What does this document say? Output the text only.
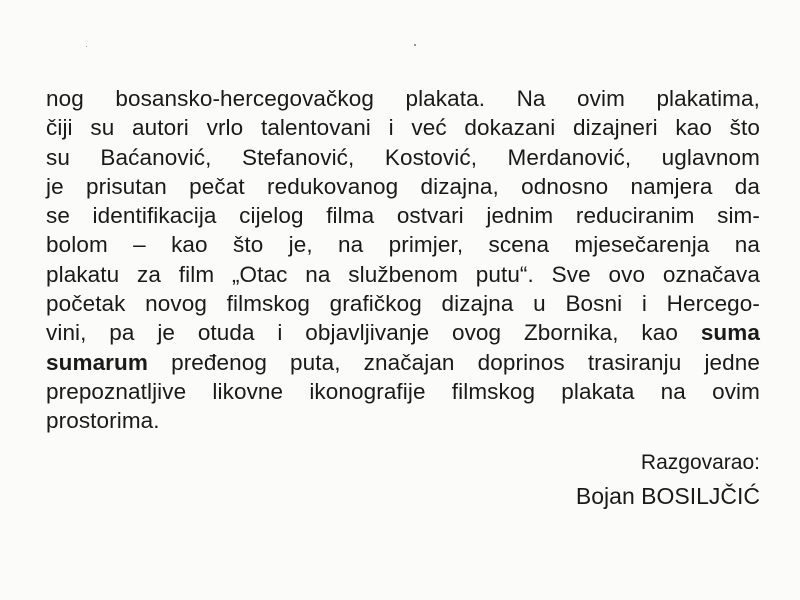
nog bosansko-hercegovačkog plakata. Na ovim plakatima,
čiji su autori vrlo talentovani i već dokazani dizajneri kao što
su Baćanović, Stefanović, Kostović, Merdanović, uglavnom
je prisutan pečat redukovanog dizajna, odnosno namjera da
se identifikacija cijelog filma ostvari jednim reduciranim sim-
bolom – kao što je, na primjer, scena mjesečarenja na
plakatu za film „Otac na službenom putu“. Sve ovo označava
početak novog filmskog grafičkog dizajna u Bosni i Hercego-
vini, pa je otuda i objavljivanje ovog Zbornika, kao suma
sumarum pređenog puta, značajan doprinos trasiranju jedne
prepoznatljive likovne ikonografije filmskog plakata na ovim
prostorima.
Razgovarao:
Bojan BOSILJČIĆ
